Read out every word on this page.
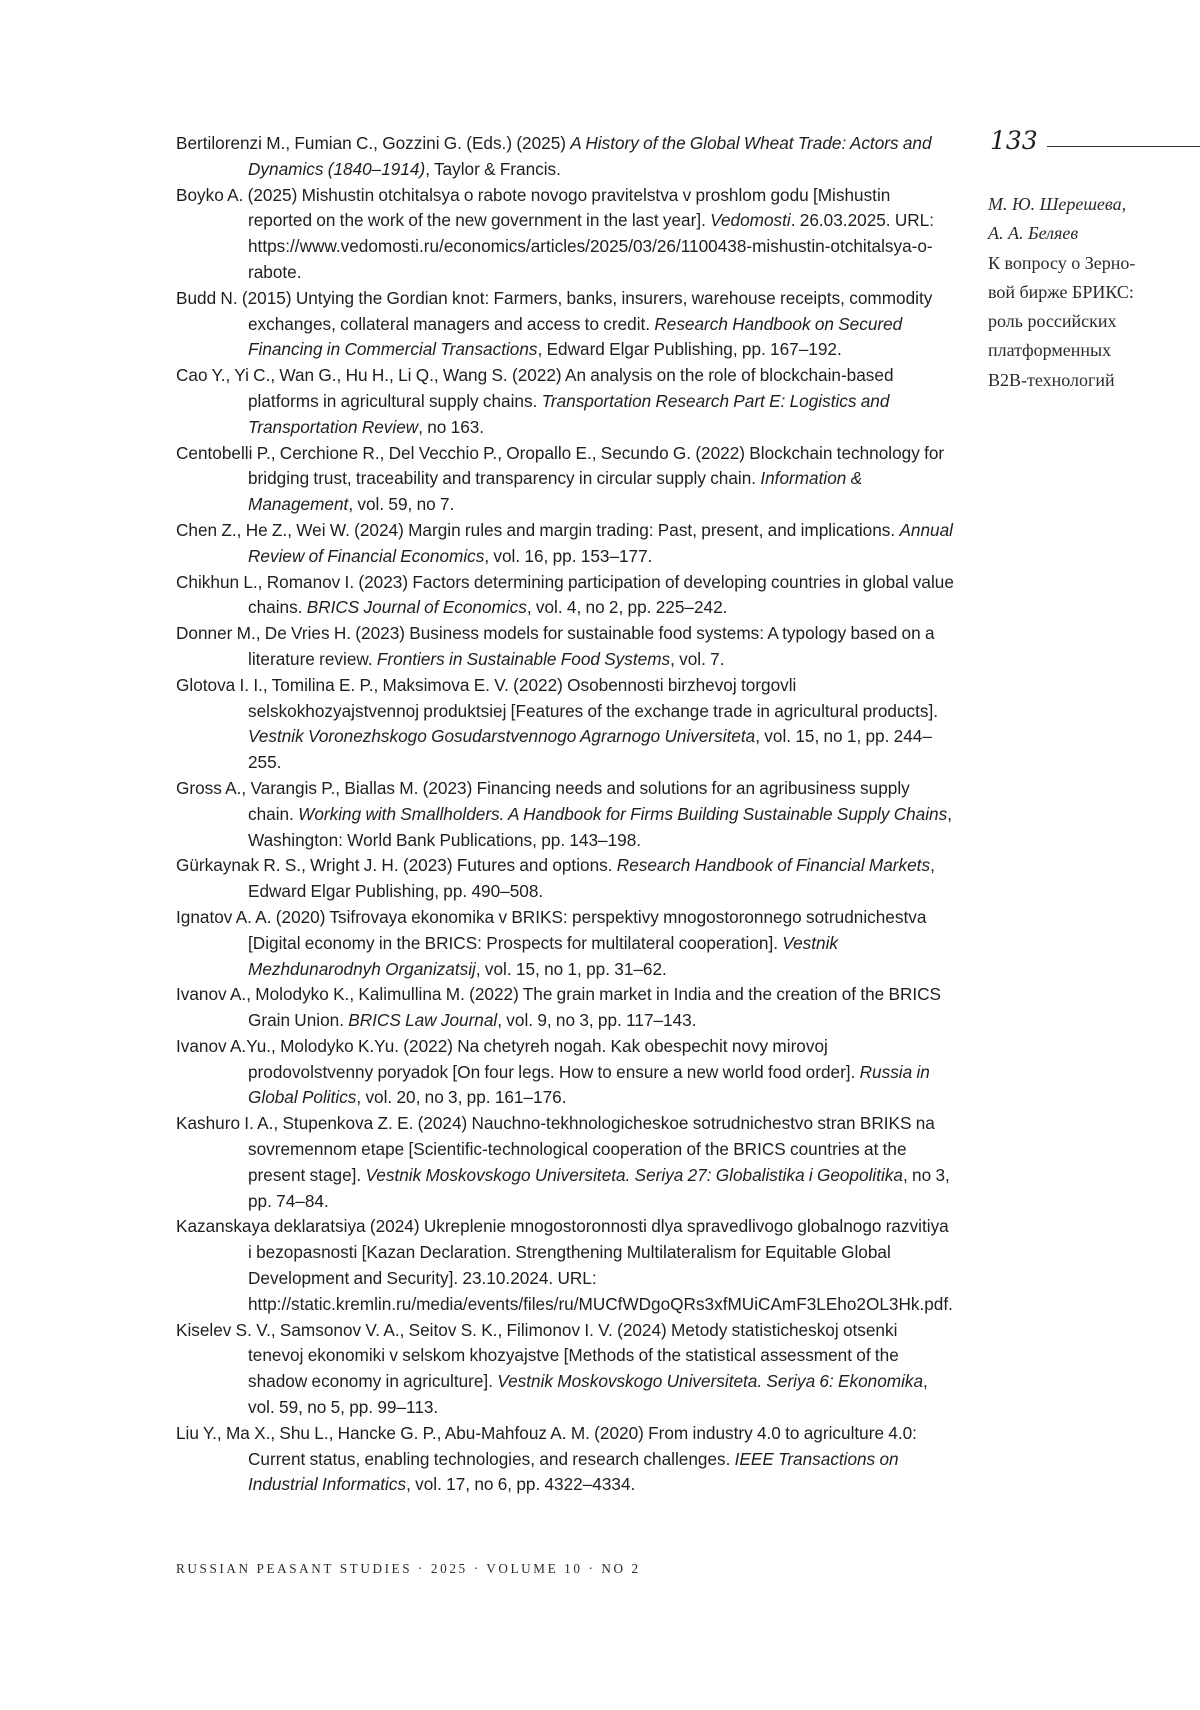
133
М. Ю. Шерешева,
А. А. Беляев
К вопросу о Зерно-
вой бирже БРИКС:
роль российских
платформенных
B2B-технологий
Bertilorenzi M., Fumian C., Gozzini G. (Eds.) (2025) A History of the Global Wheat Trade: Actors and Dynamics (1840–1914), Taylor & Francis.
Boyko A. (2025) Mishustin otchitalsya o rabote novogo pravitelstva v proshlom godu [Mishustin reported on the work of the new government in the last year]. Vedomosti. 26.03.2025. URL: https://www.vedomosti.ru/economics/articles/2025/03/26/1100438-mishustin-otchitalsya-o-rabote.
Budd N. (2015) Untying the Gordian knot: Farmers, banks, insurers, warehouse receipts, commodity exchanges, collateral managers and access to credit. Research Handbook on Secured Financing in Commercial Transactions, Edward Elgar Publishing, pp. 167–192.
Cao Y., Yi C., Wan G., Hu H., Li Q., Wang S. (2022) An analysis on the role of blockchain-based platforms in agricultural supply chains. Transportation Research Part E: Logistics and Transportation Review, no 163.
Centobelli P., Cerchione R., Del Vecchio P., Oropallo E., Secundo G. (2022) Blockchain technology for bridging trust, traceability and transparency in circular supply chain. Information & Management, vol. 59, no 7.
Chen Z., He Z., Wei W. (2024) Margin rules and margin trading: Past, present, and implications. Annual Review of Financial Economics, vol. 16, pp. 153–177.
Chikhun L., Romanov I. (2023) Factors determining participation of developing countries in global value chains. BRICS Journal of Economics, vol. 4, no 2, pp. 225–242.
Donner M., De Vries H. (2023) Business models for sustainable food systems: A typology based on a literature review. Frontiers in Sustainable Food Systems, vol. 7.
Glotova I. I., Tomilina E. P., Maksimova E. V. (2022) Osobennosti birzhevoj torgovli selskokhozyajstvennoj produktsiej [Features of the exchange trade in agricultural products]. Vestnik Voronezhskogo Gosudarstvennogo Agrarnogo Universiteta, vol. 15, no 1, pp. 244–255.
Gross A., Varangis P., Biallas M. (2023) Financing needs and solutions for an agribusiness supply chain. Working with Smallholders. A Handbook for Firms Building Sustainable Supply Chains, Washington: World Bank Publications, pp. 143–198.
Gürkaynak R. S., Wright J. H. (2023) Futures and options. Research Handbook of Financial Markets, Edward Elgar Publishing, pp. 490–508.
Ignatov A. A. (2020) Tsifrovaya ekonomika v BRIKS: perspektivy mnogostoronnego sotrudnichestva [Digital economy in the BRICS: Prospects for multilateral cooperation]. Vestnik Mezhdunarodnyh Organizatsij, vol. 15, no 1, pp. 31–62.
Ivanov A., Molodyko K., Kalimullina M. (2022) The grain market in India and the creation of the BRICS Grain Union. BRICS Law Journal, vol. 9, no 3, pp. 117–143.
Ivanov A.Yu., Molodyko K.Yu. (2022) Na chetyreh nogah. Kak obespechit novy mirovoj prodovolstvenny poryadok [On four legs. How to ensure a new world food order]. Russia in Global Politics, vol. 20, no 3, pp. 161–176.
Kashuro I. A., Stupenkova Z. E. (2024) Nauchno-tekhnologicheskoe sotrudnichestvo stran BRIKS na sovremennom etape [Scientific-technological cooperation of the BRICS countries at the present stage]. Vestnik Moskovskogo Universiteta. Seriya 27: Globalistika i Geopolitika, no 3, pp. 74–84.
Kazanskaya deklaratsiya (2024) Ukreplenie mnogostoronnosti dlya spravedlivogo globalnogo razvitiya i bezopasnosti [Kazan Declaration. Strengthening Multilateralism for Equitable Global Development and Security]. 23.10.2024. URL: http://static.kremlin.ru/media/events/files/ru/MUCfWDgoQRs3xfMUiCAmF3LEho2OL3Hk.pdf.
Kiselev S. V., Samsonov V. A., Seitov S. K., Filimonov I. V. (2024) Metody statisticheskoj otsenki tenevoj ekonomiki v selskom khozyajstve [Methods of the statistical assessment of the shadow economy in agriculture]. Vestnik Moskovskogo Universiteta. Seriya 6: Ekonomika, vol. 59, no 5, pp. 99–113.
Liu Y., Ma X., Shu L., Hancke G. P., Abu-Mahfouz A. M. (2020) From industry 4.0 to agriculture 4.0: Current status, enabling technologies, and research challenges. IEEE Transactions on Industrial Informatics, vol. 17, no 6, pp. 4322–4334.
RUSSIAN PEASANT STUDIES · 2025 · VOLUME 10 · NO 2
